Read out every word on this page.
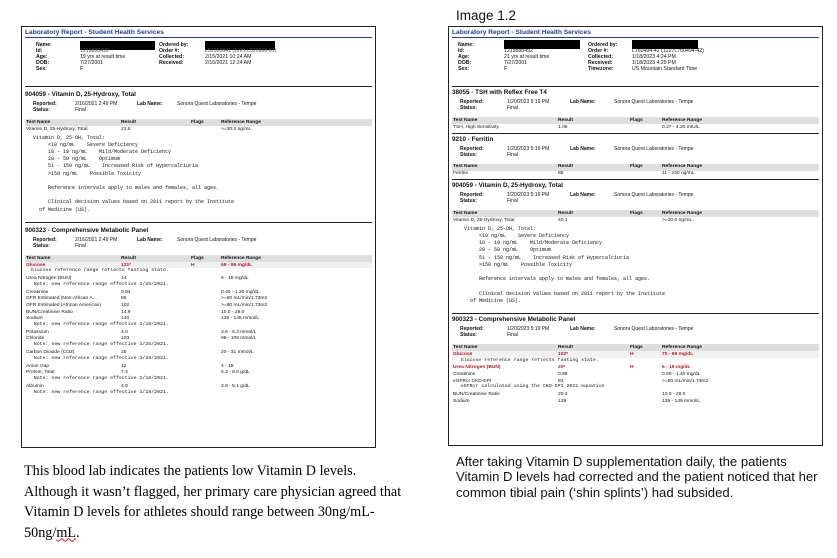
Laboratory Report - Student Health Services
Name:
Id:	1219888492
Age:	19 yrs at result time
DOB:	7/27/2001
Sex:	F
Ordered by:
Order #:	L52068841 (1221,L520668-61)
Collected:	2/15/2021 10:24 AM
Received:	2/16/2021 12:24 AM
904059 - Vitamin D, 25-Hydroxy, Total
Reported:	2/16/2021 2:49 PM	Lab Name:	Sonora Quest Laboratories - Tempe
Status:	Final
Test Name	Result	Flags	Reference Range
Vitamin D, 25-Hydroxy, Total	21.5	>=20.0 ng/mL
Vitamin D, 25-OH, Total:
<10 ng/mL    Severe Deficiency
10 - 19 ng/mL    Mild/Moderate Deficiency
20 - 50 ng/mL    Optimum
51 - 150 ng/mL    Increased Risk of Hypercalciuria
>150 ng/mL    Possible Toxicity

Reference intervals apply to males and females, all ages.

Clinical decision values based on 2011 report by the Institute
of Medicine (US).
900323 - Comprehensive Metabolic Panel
Reported:	2/16/2021 2:49 PM	Lab Name:	Sonora Quest Laboratories - Tempe
Status:	Final
Test Name	Result	Flags	Reference Range
Glucose	121*	H	65 - 99 mg/dL
Glucose reference range reflects fasting state.
Urea Nitrogen (BUN)	14	6 - 19 mg/dL
Note: new reference range effective 1/25/2021.
Creatinine	0.94	0.40 - 1.20 mg/dL
GFR Estimated (Non-African A...	86	>=60 mL/min/1.73m2
GFR Estimated (African American)	102	>=60 mL/min/1.73m2
BUN/Creatinine Ratio	14.9	10.0 - 28.0
Sodium	140	135 - 145 mmol/L
Note: new reference range effective 1/19/2021.
Potassium	4.0	3.6 - 5.3 mmol/L
Chloride	103	98 - 108 mmol/L
Note: new reference range effective 1/25/2021.
Carbon Dioxide (CO2)	25	20 - 31 mmol/L
Note: new reference range effective 1/26/2021.
Anion Gap	12	4 - 18
Protein, Total	7.4	6.3 - 8.0 g/dL
Note: new reference range effective 1/18/2021.
Albumin	4.8	3.8 - 5.1 g/dL
Note: new reference range effective 1/19/2021.
Image 1.2
Laboratory Report - Student Health Services
Name:
Id:	1219888492
Age:	21 yrs at result time
DOB:	7/27/2001
Sex:	F
Ordered by:
Order #:	L760494-42 (1227L760494-42)
Collected:	1/18/2023 4:24 PM
Received:	1/18/2023 4:29 PM
Timezone:	US Mountain Standard Time
38055 - TSH with Reflex Free T4
Reported:	1/20/2023 5:19 PM	Lab Name:	Sonora Quest Laboratories - Tempe
Status:	Final
Test Name	Result	Flags	Reference Range
TSH, High Sensitivity	1.06	0.27 - 4.20 mIU/L
9210 - Ferritin
Reported:	1/20/2023 5:19 PM	Lab Name:	Sonora Quest Laboratories - Tempe
Status:	Final
Test Name	Result	Flags	Reference Range
Ferritin	88	11 - 230 ng/mL
904059 - Vitamin D, 25-Hydroxy, Total
Reported:	1/20/2023 5:19 PM	Lab Name:	Sonora Quest Laboratories - Tempe
Status:	Final
Test Name	Result	Flags	Reference Range
Vitamin D, 25-Hydroxy, Total	40.1	>=20.0 ng/mL
Vitamin D, 25-OH, Total:
<10 ng/mL    Severe Deficiency
10 - 19 ng/mL    Mild/Moderate Deficiency
20 - 50 ng/mL    Optimum
51 - 150 ng/mL    Increased Risk of Hypercalciuria
>150 ng/mL    Possible Toxicity

Reference intervals apply to males and females, all ages.

Clinical decision values based on 2011 report by the Institute
of Medicine (US).
900323 - Comprehensive Metabolic Panel
Reported:	1/20/2023 5:19 PM	Lab Name:	Sonora Quest Laboratories - Tempe
Status:	Final
Test Name	Result	Flags	Reference Range
Glucose	102*	H	70 - 99 mg/dL
Glucose reference range reflects fasting state.
Urea Nitrogen (BUN)	20*	H	6 - 19 mg/dL
Creatinine	0.99	0.60 - 1.40 mg/dL
eGFRcr CKD-EPI	83	>=60 mL/min/1.73m2
eGFRcr calculated using the CKD-EPI 2021 equation
BUN/Creatinine Ratio	20.2	10.0 - 28.0
Sodium	139	135 - 145 mmol/L
This blood lab indicates the patients low Vitamin D levels. Although it wasn’t flagged, her primary care physician agreed that Vitamin D levels for athletes should range between 30ng/mL-50ng/mL.
After taking Vitamin D supplementation daily, the patients Vitamin D levels had corrected and the patient noticed that her common tibial pain (‘shin splints’) had subsided.
